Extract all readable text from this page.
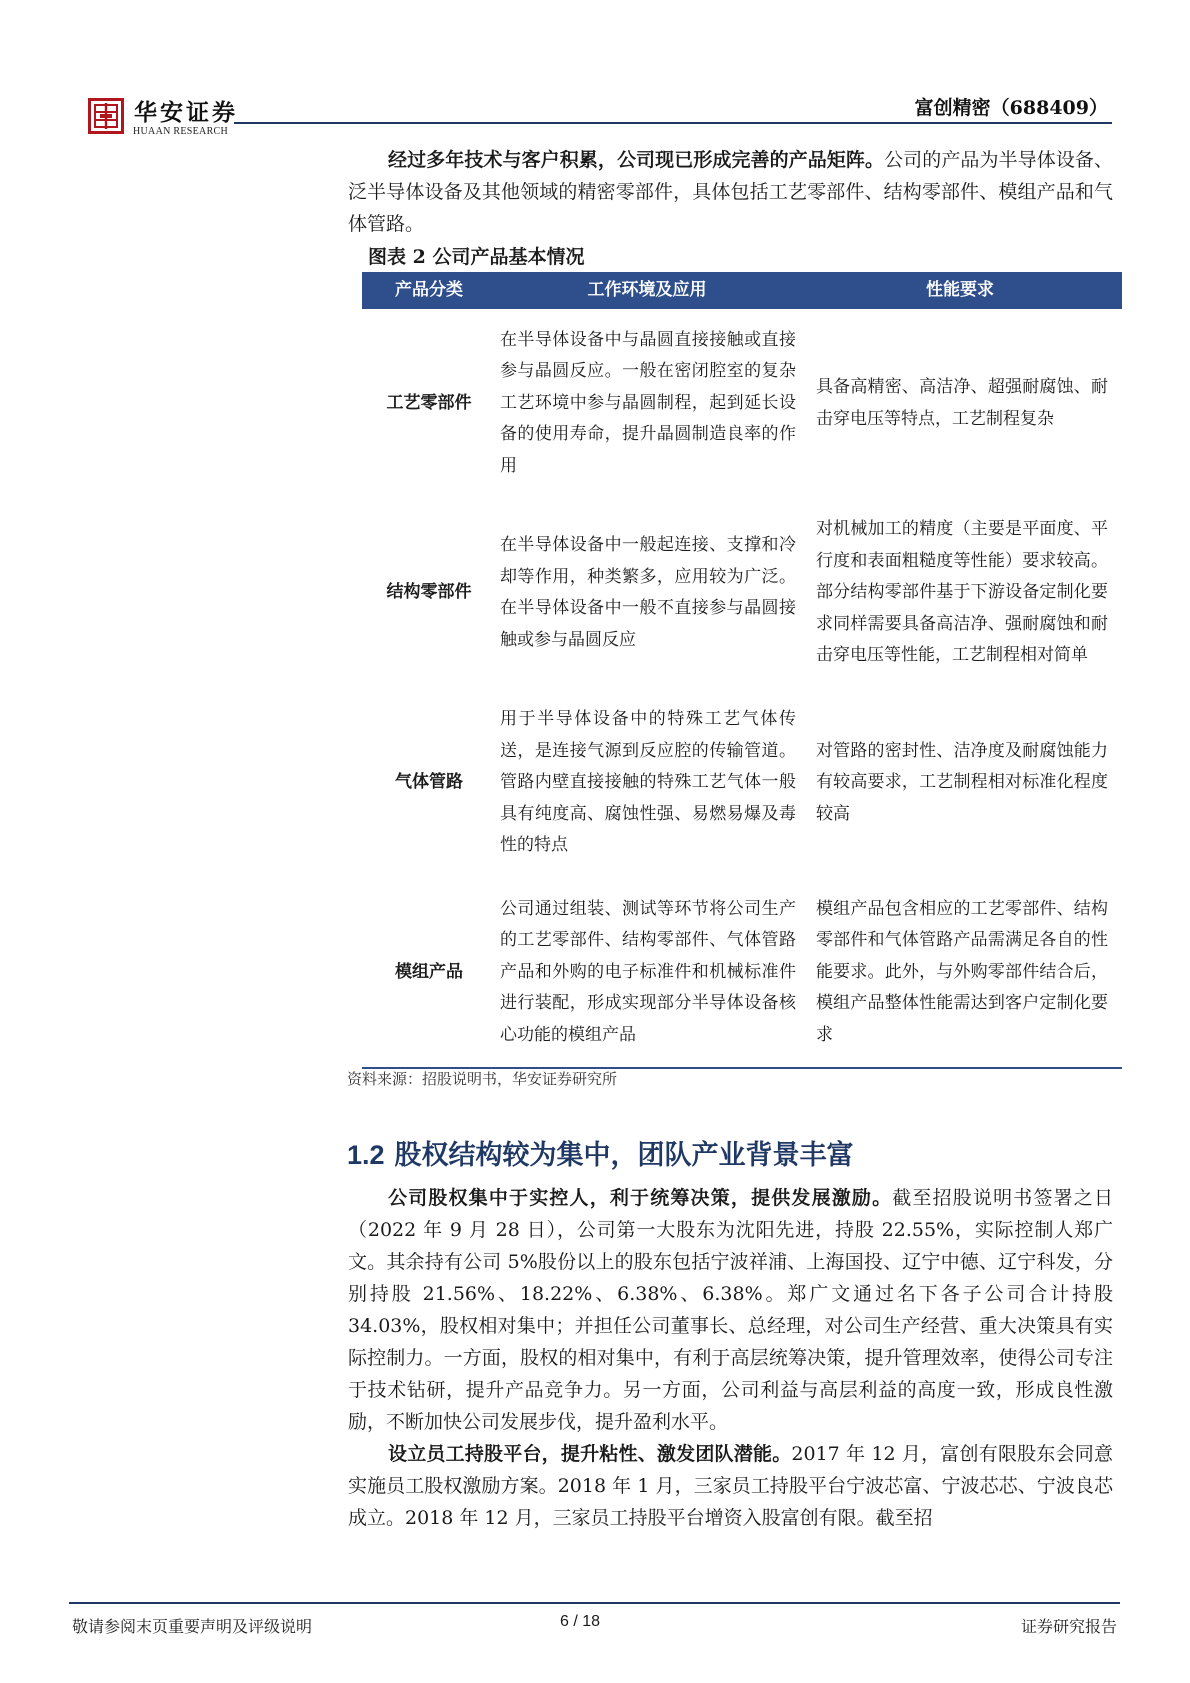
华安证券
HUAAN RESEARCH
富创精密（688409）

经过多年技术与客户积累，公司现已形成完善的产品矩阵。公司的产品为半导体设备、泛半导体设备及其他领域的精密零部件，具体包括工艺零部件、结构零部件、模组产品和气体管路。

图表 2 公司产品基本情况
产品分类	工作环境及应用	性能要求
工艺零部件	在半导体设备中与晶圆直接接触或直接参与晶圆反应。一般在密闭腔室的复杂工艺环境中参与晶圆制程，起到延长设备的使用寿命，提升晶圆制造良率的作用	具备高精密、高洁净、超强耐腐蚀、耐击穿电压等特点，工艺制程复杂
结构零部件	在半导体设备中一般起连接、支撑和冷却等作用，种类繁多，应用较为广泛。在半导体设备中一般不直接参与晶圆接触或参与晶圆反应	对机械加工的精度（主要是平面度、平行度和表面粗糙度等性能）要求较高。部分结构零部件基于下游设备定制化要求同样需要具备高洁净、强耐腐蚀和耐击穿电压等性能，工艺制程相对简单
气体管路	用于半导体设备中的特殊工艺气体传送，是连接气源到反应腔的传输管道。管路内壁直接接触的特殊工艺气体一般具有纯度高、腐蚀性强、易燃易爆及毒性的特点	对管路的密封性、洁净度及耐腐蚀能力有较高要求，工艺制程相对标准化程度较高
模组产品	公司通过组装、测试等环节将公司生产的工艺零部件、结构零部件、气体管路产品和外购的电子标准件和机械标准件进行装配，形成实现部分半导体设备核心功能的模组产品	模组产品包含相应的工艺零部件、结构零部件和气体管路产品需满足各自的性能要求。此外，与外购零部件结合后，模组产品整体性能需达到客户定制化要求
资料来源：招股说明书，华安证券研究所
1.2 股权结构较为集中，团队产业背景丰富

公司股权集中于实控人，利于统筹决策，提供发展激励。截至招股说明书签署之日（2022 年 9 月 28 日），公司第一大股东为沈阳先进，持股 22.55%，实际控制人郑广文。其余持有公司 5%股份以上的股东包括宁波祥浦、上海国投、辽宁中德、辽宁科发，分别持股 21.56%、18.22%、6.38%、6.38%。郑广文通过名下各子公司合计持股 34.03%，股权相对集中；并担任公司董事长、总经理，对公司生产经营、重大决策具有实际控制力。一方面，股权的相对集中，有利于高层统筹决策，提升管理效率，使得公司专注于技术钻研，提升产品竞争力。另一方面，公司利益与高层利益的高度一致，形成良性激励，不断加快公司发展步伐，提升盈利水平。

设立员工持股平台，提升粘性、激发团队潜能。2017 年 12 月，富创有限股东会同意实施员工股权激励方案。2018 年 1 月，三家员工持股平台宁波芯富、宁波芯芯、宁波良芯成立。2018 年 12 月，三家员工持股平台增资入股富创有限。截至招

敬请参阅末页重要声明及评级说明	6 / 18	证券研究报告
